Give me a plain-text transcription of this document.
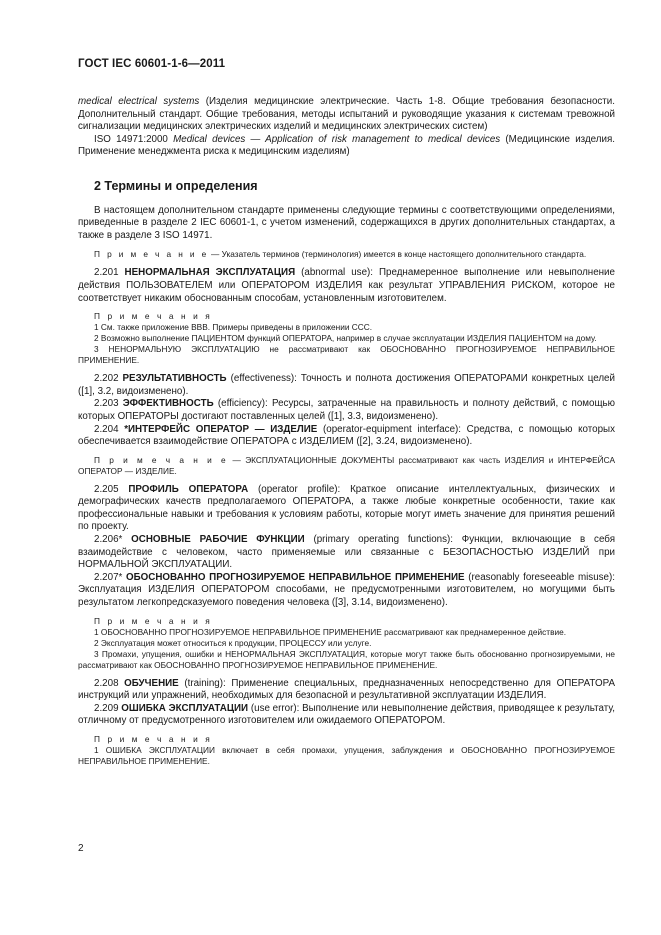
ГОСТ IEC 60601-1-6—2011

medical electrical systems (Изделия медицинские электрические. Часть 1-8. Общие требования безопасности. Дополнительный стандарт. Общие требования, методы испытаний и руководящие указания к системам тревожной сигнализации медицинских электрических изделий и медицинских электрических систем)

ISO 14971:2000 Medical devices — Application of risk management to medical devices (Медицинские изделия. Применение менеджмента риска к медицинским изделиям)

2 Термины и определения

В настоящем дополнительном стандарте применены следующие термины с соответствующими определениями, приведенные в разделе 2 IEC 60601-1, с учетом изменений, содержащихся в других дополнительных стандартах, а также в разделе 3 ISO 14971.

П р и м е ч а н и е — Указатель терминов (терминология) имеется в конце настоящего дополнительного стандарта.

2.201 НЕНОРМАЛЬНАЯ ЭКСПЛУАТАЦИЯ (abnormal use): Преднамеренное выполнение или невыполнение действия ПОЛЬЗОВАТЕЛЕМ или ОПЕРАТОРОМ ИЗДЕЛИЯ как результат УПРАВЛЕНИЯ РИСКОМ, которое не соответствует никаким обоснованным способам, установленным изготовителем.

П р и м е ч а н и я

1 См. также приложение ВВВ. Примеры приведены в приложении ССС.

2 Возможно выполнение ПАЦИЕНТОМ функций ОПЕРАТОРА, например в случае эксплуатации ИЗДЕЛИЯ ПАЦИЕНТОМ на дому.

3 НЕНОРМАЛЬНУЮ ЭКСПЛУАТАЦИЮ не рассматривают как ОБОСНОВАННО ПРОГНОЗИРУЕМОЕ НЕПРАВИЛЬНОЕ ПРИМЕНЕНИЕ.

2.202 РЕЗУЛЬТАТИВНОСТЬ (effectiveness): Точность и полнота достижения ОПЕРАТОРАМИ конкретных целей ([1], 3.2, видоизменено).

2.203 ЭФФЕКТИВНОСТЬ (efficiency): Ресурсы, затраченные на правильность и полноту действий, с помощью которых ОПЕРАТОРЫ достигают поставленных целей ([1], 3.3, видоизменено).

2.204 *ИНТЕРФЕЙС ОПЕРАТОР — ИЗДЕЛИЕ (operator-equipment interface): Средства, с помощью которых обеспечивается взаимодействие ОПЕРАТОРА с ИЗДЕЛИЕМ ([2], 3.24, видоизменено).

П р и м е ч а н и е — ЭКСПЛУАТАЦИОННЫЕ ДОКУМЕНТЫ рассматривают как часть ИЗДЕЛИЯ и ИНТЕРФЕЙСА ОПЕРАТОР — ИЗДЕЛИЕ.

2.205 ПРОФИЛЬ ОПЕРАТОРА (operator profile): Краткое описание интеллектуальных, физических и демографических качеств предполагаемого ОПЕРАТОРА, а также любые конкретные особенности, такие как профессиональные навыки и требования к условиям работы, которые могут иметь значение для принятия решений по проекту.

2.206* ОСНОВНЫЕ РАБОЧИЕ ФУНКЦИИ (primary operating functions): Функции, включающие в себя взаимодействие с человеком, часто применяемые или связанные с БЕЗОПАСНОСТЬЮ ИЗДЕЛИЙ при НОРМАЛЬНОЙ ЭКСПЛУАТАЦИИ.

2.207* ОБОСНОВАННО ПРОГНОЗИРУЕМОЕ НЕПРАВИЛЬНОЕ ПРИМЕНЕНИЕ (reasonably foreseeable misuse): Эксплуатация ИЗДЕЛИЯ ОПЕРАТОРОМ способами, не предусмотренными изготовителем, но могущими быть результатом легкопредсказуемого поведения человека ([3], 3.14, видоизменено).

П р и м е ч а н и я

1 ОБОСНОВАННО ПРОГНОЗИРУЕМОЕ НЕПРАВИЛЬНОЕ ПРИМЕНЕНИЕ рассматривают как преднамеренное действие.

2 Эксплуатация может относиться к продукции, ПРОЦЕССУ или услуге.

3 Промахи, упущения, ошибки и НЕНОРМАЛЬНАЯ ЭКСПЛУАТАЦИЯ, которые могут также быть обоснованно прогнозируемыми, не рассматривают как ОБОСНОВАННО ПРОГНОЗИРУЕМОЕ НЕПРАВИЛЬНОЕ ПРИМЕНЕНИЕ.

2.208 ОБУЧЕНИЕ (training): Применение специальных, предназначенных непосредственно для ОПЕРАТОРА инструкций или упражнений, необходимых для безопасной и результативной эксплуатации ИЗДЕЛИЯ.

2.209 ОШИБКА ЭКСПЛУАТАЦИИ (use error): Выполнение или невыполнение действия, приводящее к результату, отличному от предусмотренного изготовителем или ожидаемого ОПЕРАТОРОМ.

П р и м е ч а н и я

1 ОШИБКА ЭКСПЛУАТАЦИИ включает в себя промахи, упущения, заблуждения и ОБОСНОВАННО ПРОГНОЗИРУЕМОЕ НЕПРАВИЛЬНОЕ ПРИМЕНЕНИЕ.

2
